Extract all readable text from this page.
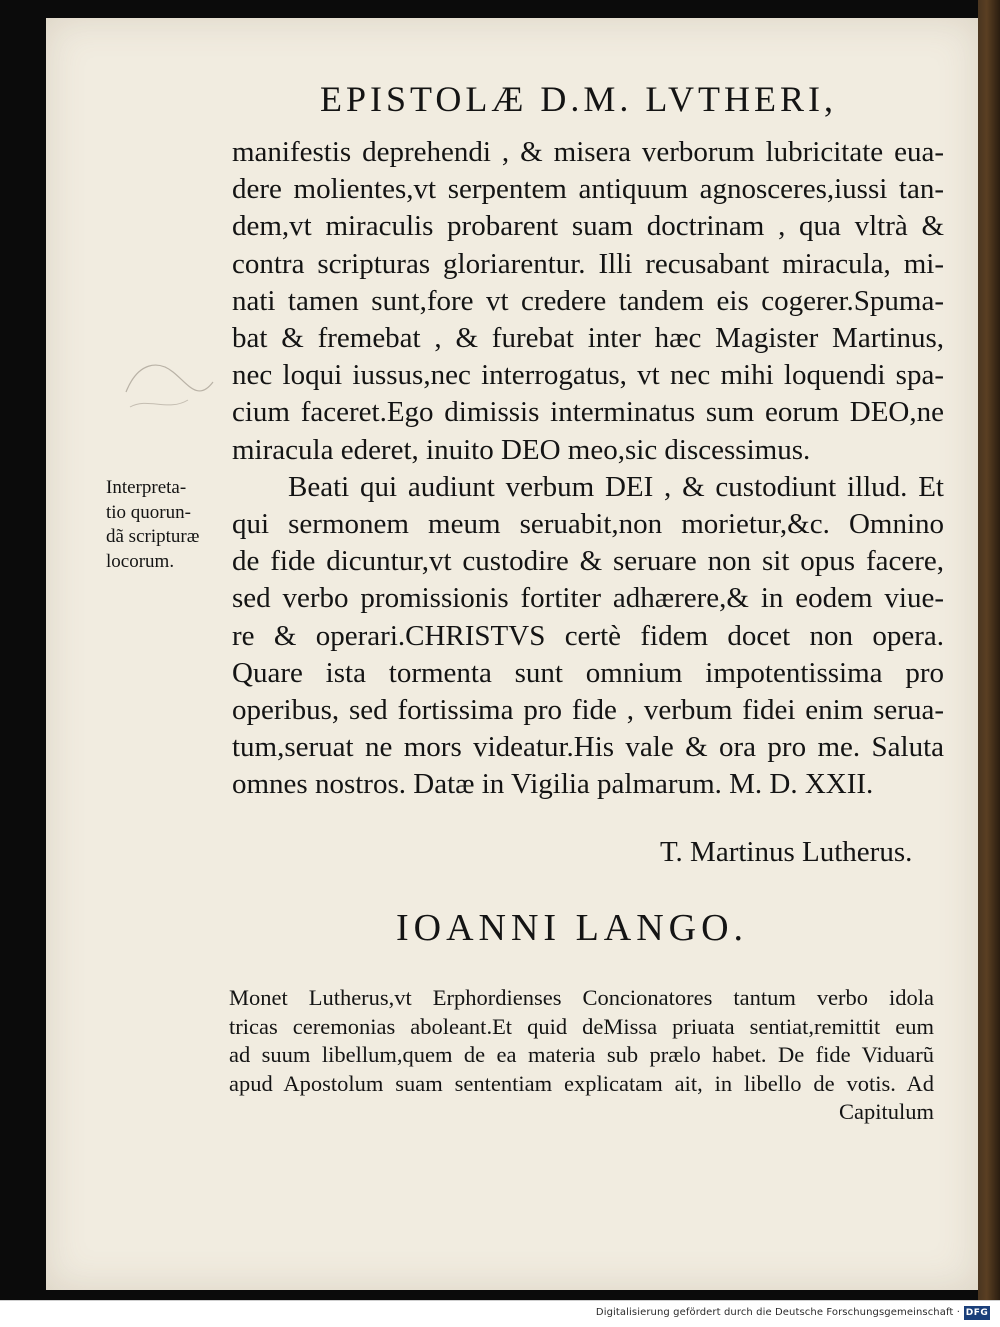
EPISTOLÆ D.M. LVTHERI,
manifestis deprehendi , & misera verborum lubricitate eua-
dere molientes,vt serpentem antiquum agnosceres,iussi tan-
dem,vt miraculis probarent suam doctrinam , qua vltrà &
contra scripturas gloriarentur. Illi recusabant miracula, mi-
nati tamen sunt,fore vt credere tandem eis cogerer.Spuma-
bat & fremebat , & furebat inter hæc Magister Martinus,
nec loqui iussus,nec interrogatus, vt nec mihi loquendi spa-
cium faceret.Ego dimissis interminatus sum eorum DEO,ne
miracula ederet, inuito DEO meo,sic discessimus.
Beati qui audiunt verbum DEI , & custodiunt illud. Et
qui sermonem meum seruabit,non morietur,&c. Omnino
de fide dicuntur,vt custodire & seruare non sit opus facere,
sed verbo promissionis fortiter adhærere,& in eodem viue-
re & operari.CHRISTVS certè fidem docet non opera.
Quare ista tormenta sunt omnium impotentissima pro
operibus, sed fortissima pro fide , verbum fidei enim serua-
tum,seruat ne mors videatur.His vale & ora pro me. Saluta
omnes nostros. Datæ in Vigilia palmarum. M. D. XXII.
Interpreta-
tio quorun-
dã scripturæ
locorum.
T. Martinus Lutherus.
IOANNI LANGO.
Monet Lutherus,vt Erphordienses Concionatores tantum verbo idola
tricas ceremonias aboleant.Et quid deMissa priuata sentiat,remittit eum
ad suum libellum,quem de ea materia sub prælo habet. De fide Viduarũ
apud Apostolum suam sententiam explicatam ait, in libello de votis. Ad
Capitulum
Digitalisierung gefördert durch die Deutsche Forschungsgemeinschaft · DFG
